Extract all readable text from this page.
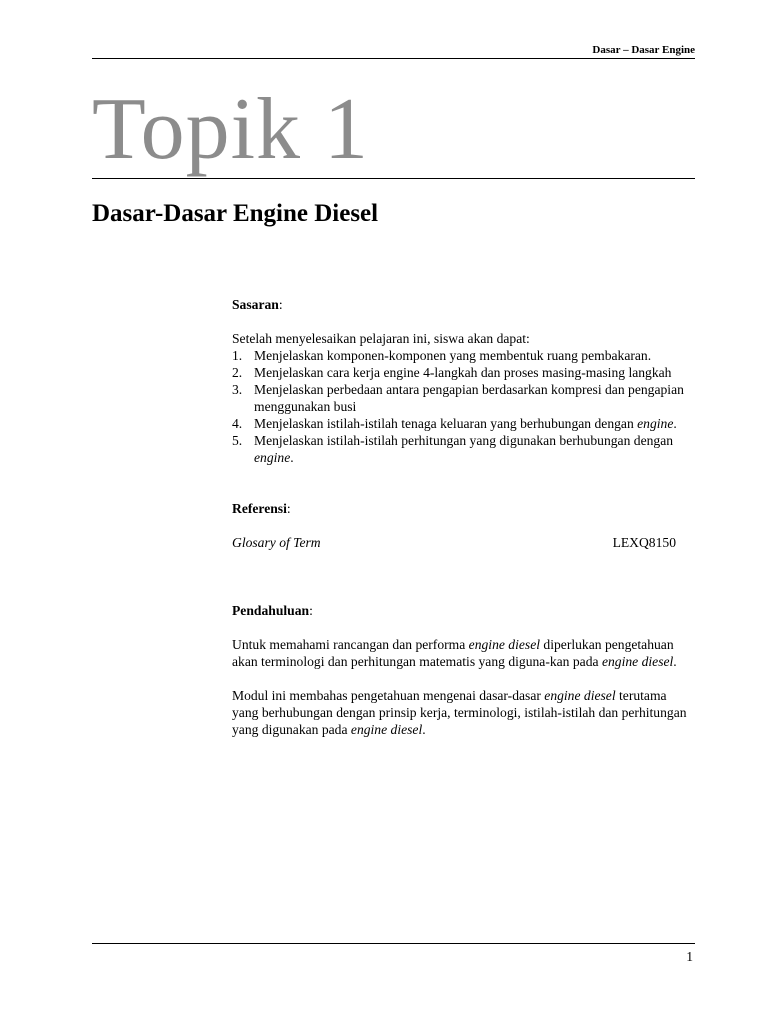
Dasar – Dasar Engine
Topik 1
Dasar-Dasar Engine Diesel

Sasaran:

Setelah menyelesaikan pelajaran ini, siswa akan dapat:

1. Menjelaskan komponen-komponen yang membentuk ruang pembakaran.
2. Menjelaskan cara kerja engine 4-langkah dan proses masing-masing langkah
3. Menjelaskan perbedaan antara pengapian berdasarkan kompresi dan pengapian menggunakan busi
4. Menjelaskan istilah-istilah tenaga keluaran yang berhubungan dengan engine.
5. Menjelaskan istilah-istilah perhitungan yang digunakan berhubungan dengan engine.

Referensi:

Glosary of Term	LEXQ8150

Pendahuluan:

Untuk memahami rancangan dan performa engine diesel diperlukan pengetahuan akan terminologi dan perhitungan matematis yang diguna-kan pada engine diesel.

Modul ini membahas pengetahuan mengenai dasar-dasar engine diesel terutama yang berhubungan dengan prinsip kerja, terminologi, istilah-istilah dan perhitungan yang digunakan pada engine diesel.

1
